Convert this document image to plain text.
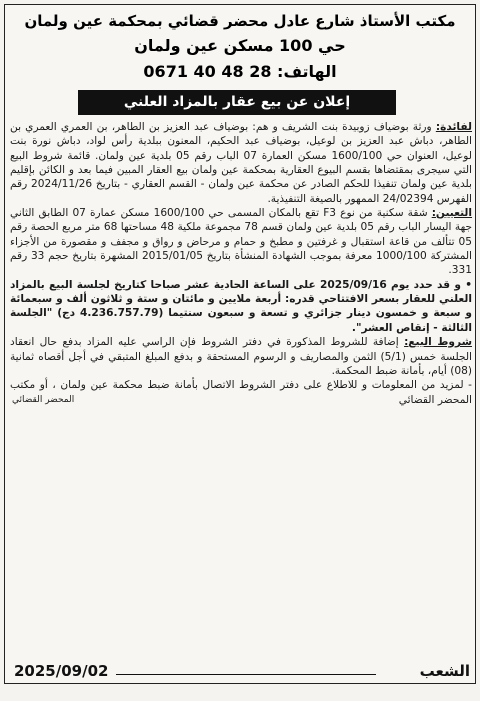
مكتب الأستاذ شارع عادل محضر قضائي بمحكمة عين ولمان
حي 100 مسكن عين ولمان
الهاتف: 0671 40 48 28
إعلان عن بيع عقار بالمزاد العلني

لفائدة: ورثة بوضياف زوبيدة بنت الشريف و هم: بوضياف عبد العزيز بن الطاهر، بن العمري العمري بن الطاهر، دباش عبد العزيز بن لوعيل، بوضياف عبد الحكيم، المعنون ببلدية رأس لواد، دباش نورة بنت لوعيل، العنوان حي 1600/100 مسكن العمارة 07 الباب رقم 05 بلدية عين ولمان. قائمة شروط البيع التي سيجرى بمقتضاها بقسم البيوع العقارية بمحكمة عين ولمان بيع العقار المبين فيما بعد و الكائن بإقليم بلدية عين ولمان تنفيذا للحكم الصادر عن محكمة عين ولمان - القسم العقاري - بتاريخ 2024/11/26 رقم الفهرس 24/02394 الممهور بالصيغة التنفيذية.

التعيين: شقة سكنية من نوع F3 تقع بالمكان المسمى حي 1600/100 مسكن عمارة 07 الطابق الثاني جهة اليسار الباب رقم 05 بلدية عين ولمان قسم 78 مجموعة ملكية 48 مساحتها 68 متر مربع الحصة رقم 05 تتألف من قاعة استقبال و غرفتين و مطبخ و حمام و مرحاض و رواق و مجفف و مقصورة من الأجزاء المشتركة 1000/100 معرفة بموجب الشهادة المنشأة بتاريخ 2015/01/05 المشهرة بتاريخ حجم 33 رقم 331.

• و قد حدد يوم 2025/09/16 على الساعة الحادية عشر صباحا كتاريخ لجلسة البيع بالمزاد العلني للعقار بسعر الافتتاحي قدره: أربعة ملايين و مائتان و ستة و ثلاثون ألف و سبعمائة و سبعة و خمسون دينار جزائري و تسعة و سبعون سنتيما (4.236.757.79 دج) "الجلسة الثالثة - إنقاص العشر".

شروط البيع: إضافة للشروط المذكورة في دفتر الشروط فإن الراسي عليه المزاد بدفع حال انعقاد الجلسة خمس (5/1) الثمن والمصاريف و الرسوم المستحقة و بدفع المبلغ المتبقي في أجل أقصاه ثمانية (08) أيام، بأمانة ضبط المحكمة.

- لمزيد من المعلومات و للاطلاع على دفتر الشروط الاتصال بأمانة ضبط محكمة عين ولمان ، أو مكتب المحضر القضائي

المحضر القضائي
الشعب
2025/09/02
